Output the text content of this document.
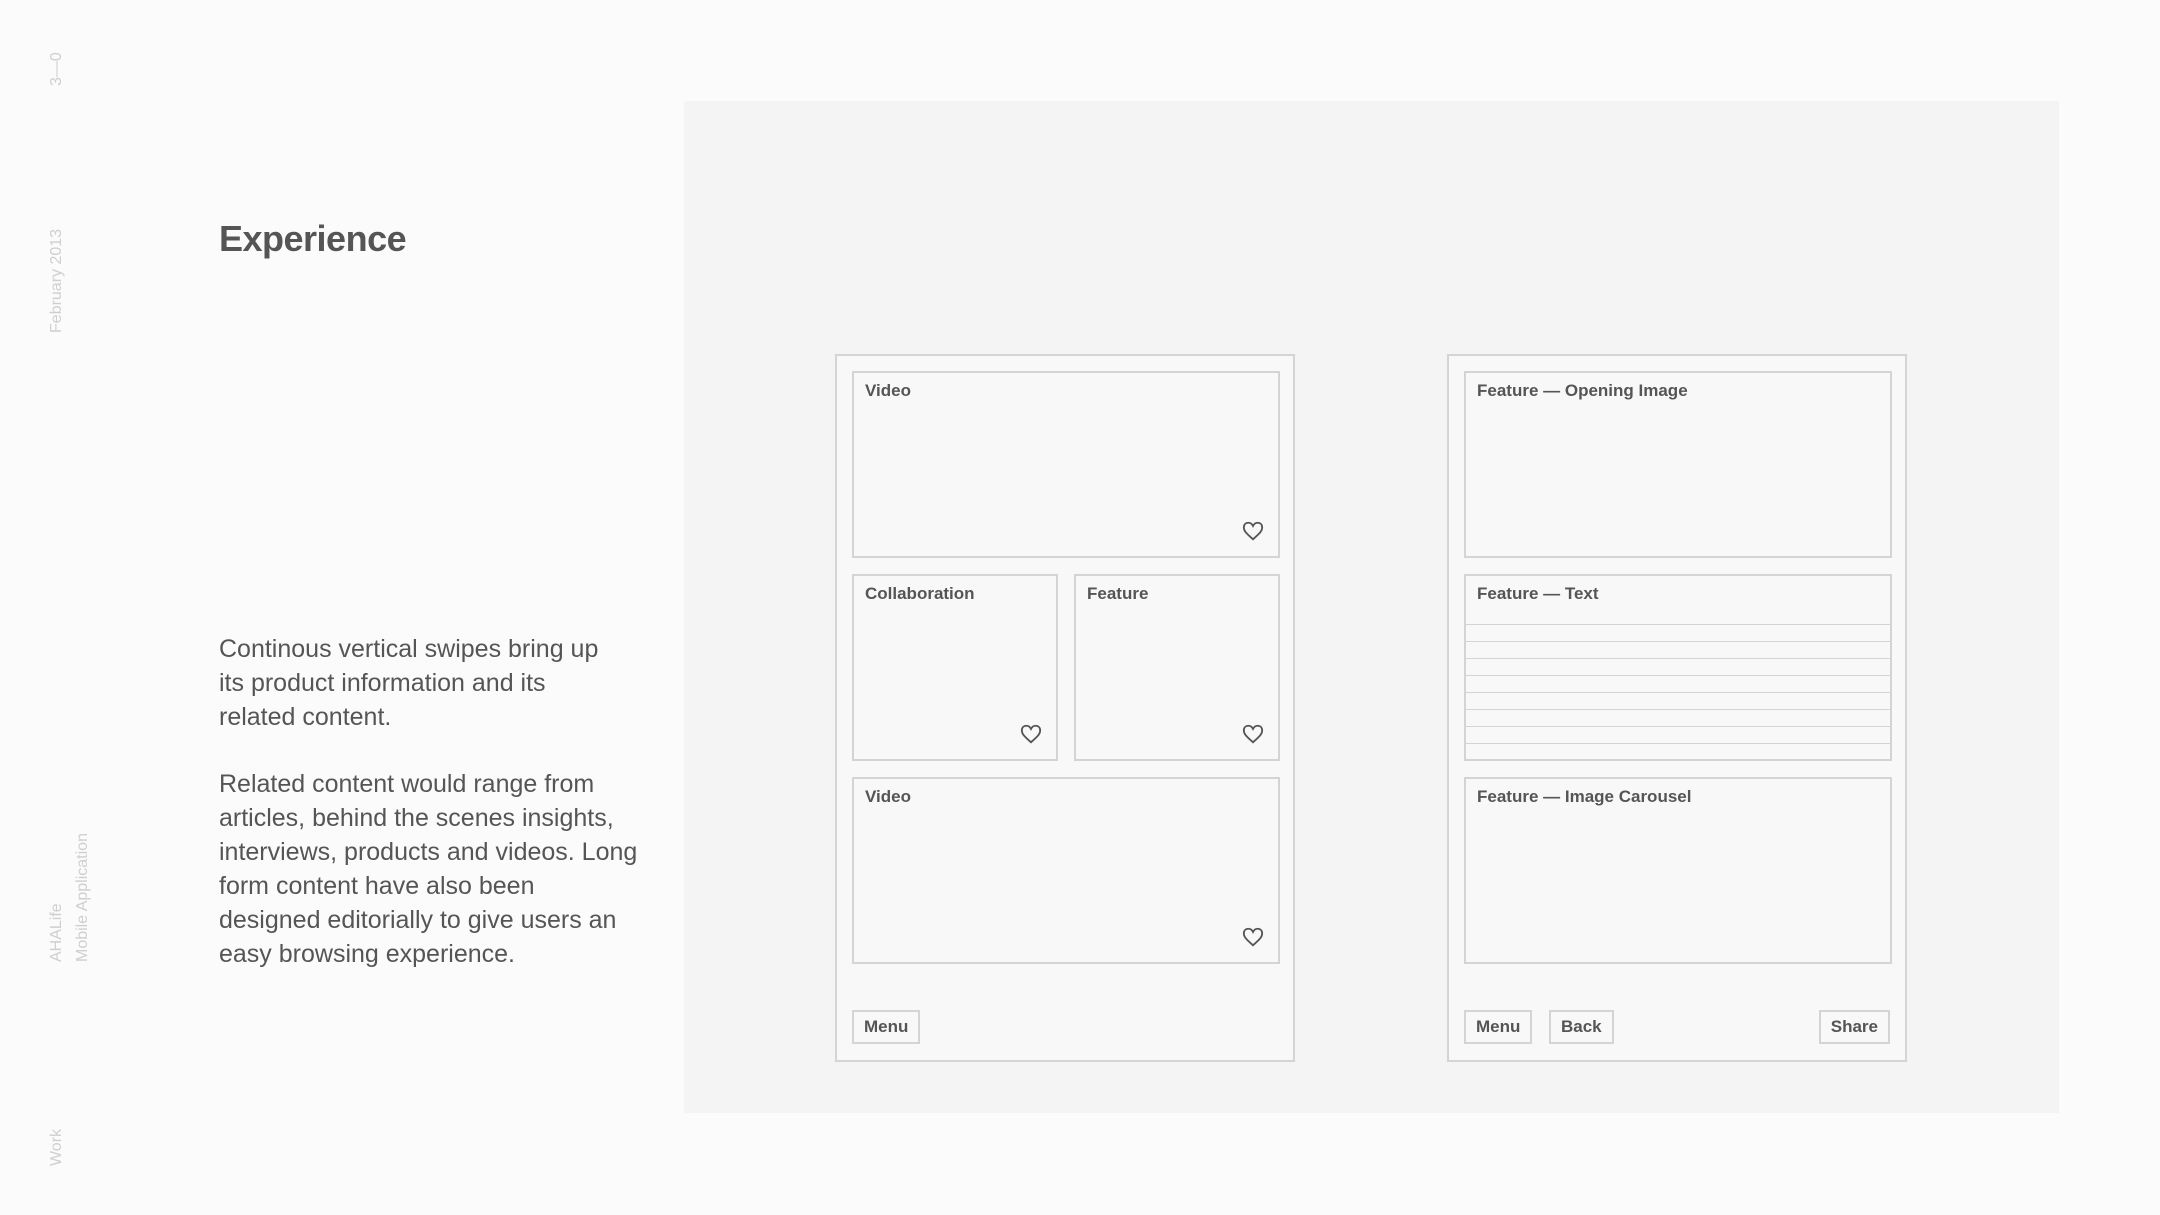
3—0
February 2013
AHALife Mobile Application
Work
Experience
Continous vertical swipes bring up its product information and its related content.
Related content would range from articles, behind the scenes insights, interviews, products and videos. Long form content have also been designed editorially to give users an easy browsing experience.
Video
Collaboration	Feature
Video
Menu
Feature — Opening Image
Feature — Text
Feature — Image Carousel
Menu	Back	Share
